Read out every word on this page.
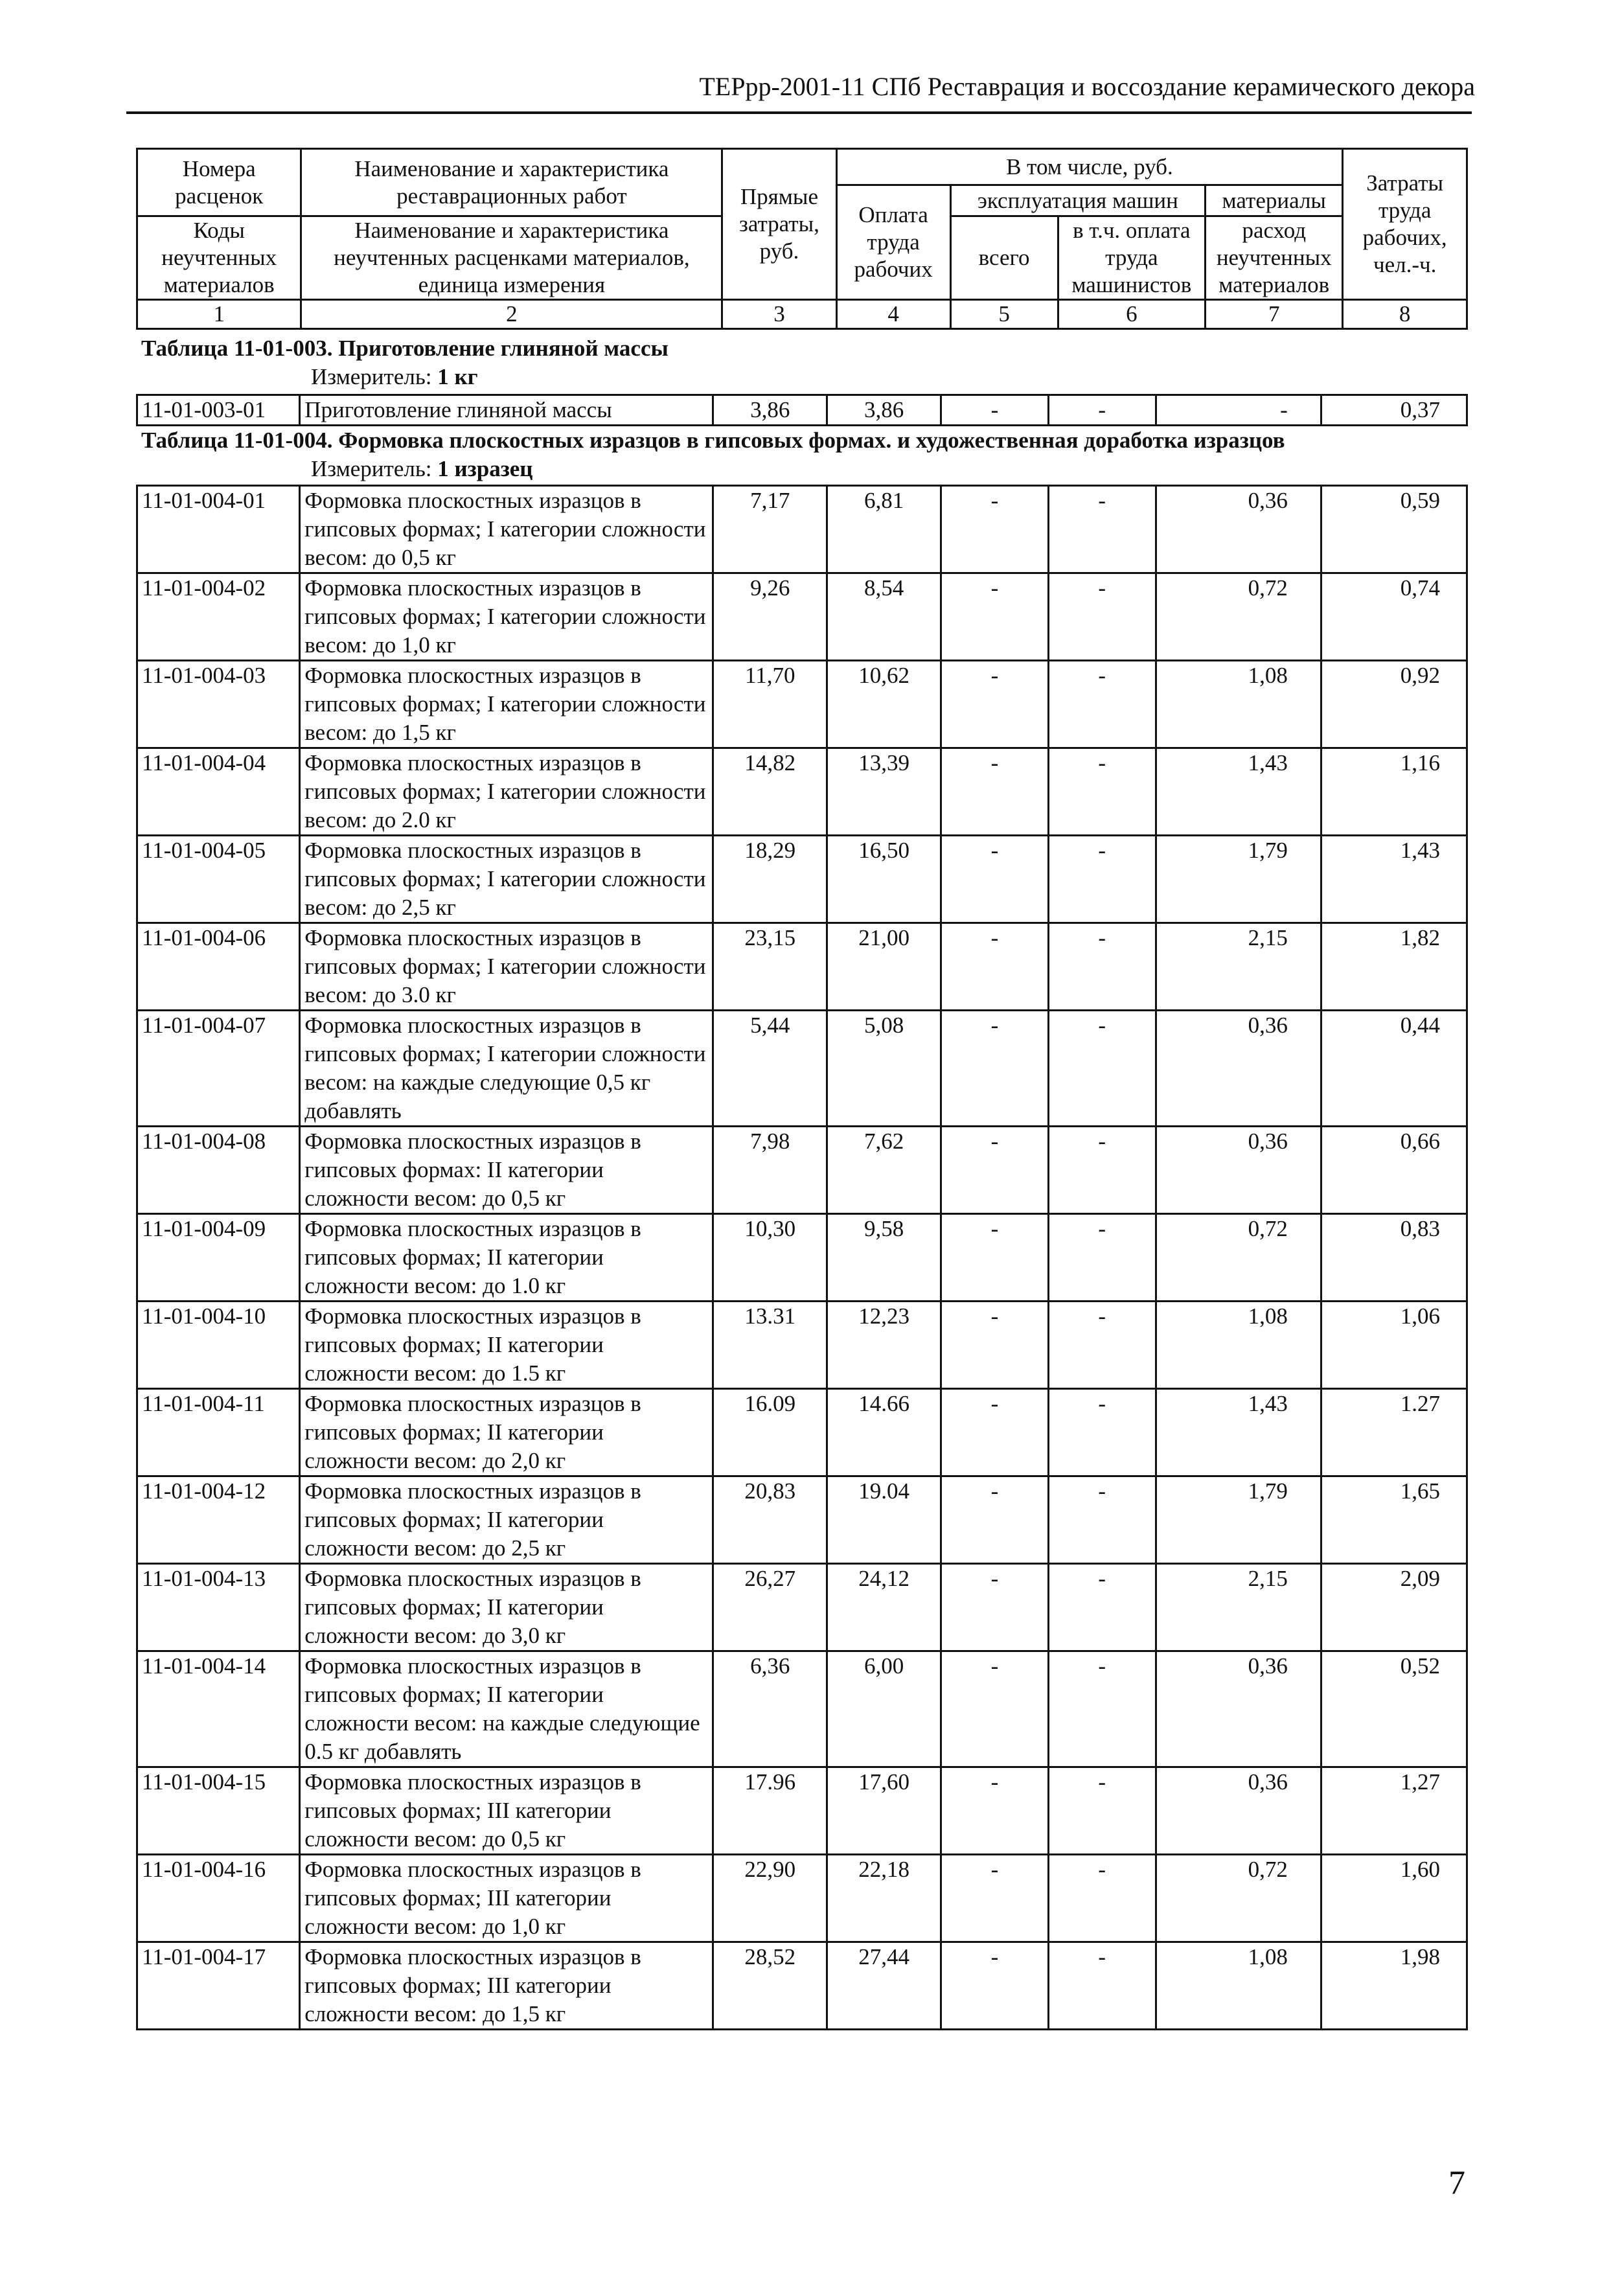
ТЕРрр-2001-11 СПб Реставрация и воссоздание керамического декора
Номера расценок	Наименование и характеристика реставрационных работ	Прямые затраты, руб.	В том числе, руб.				Затраты труда рабочих, чел.-ч.
			Оплата труда рабочих	эксплуатация машин		материалы	
Коды неучтенных материалов	Наименование и характеристика неучтенных расценками материалов, единица измерения			всего	в т.ч. оплата труда машинистов	расход неучтенных материалов	

1	2	3	4	5	6	7	8
Таблица 11-01-003. Приготовление глиняной массы
Измеритель: 1 кг
11-01-003-01	Приготовление глиняной массы	3,86	3,86	-	-	-	0,37
Таблица 11-01-004. Формовка плоскостных изразцов в гипсовых формах. и художественная доработка изразцов
Измеритель: 1 изразец
11-01-004-01	Формовка плоскостных изразцов в гипсовых формах; I категории сложности весом: до 0,5 кг	7,17	6,81	-	-	0,36	0,59
11-01-004-02	Формовка плоскостных изразцов в гипсовых формах; I категории сложности весом: до 1,0 кг	9,26	8,54	-	-	0,72	0,74
11-01-004-03	Формовка плоскостных изразцов в гипсовых формах; I категории сложности весом: до 1,5 кг	11,70	10,62	-	-	1,08	0,92
11-01-004-04	Формовка плоскостных изразцов в гипсовых формах; I категории сложности весом: до 2.0 кг	14,82	13,39	-	-	1,43	1,16
11-01-004-05	Формовка плоскостных изразцов в гипсовых формах; I категории сложности весом: до 2,5 кг	18,29	16,50	-	-	1,79	1,43
11-01-004-06	Формовка плоскостных изразцов в гипсовых формах; I категории сложности весом: до 3.0 кг	23,15	21,00	-	-	2,15	1,82
11-01-004-07	Формовка плоскостных изразцов в гипсовых формах; I категории сложности весом: на каждые следующие 0,5 кг добавлять	5,44	5,08	-	-	0,36	0,44
11-01-004-08	Формовка плоскостных изразцов в гипсовых формах: II категории сложности весом: до 0,5 кг	7,98	7,62	-	-	0,36	0,66
11-01-004-09	Формовка плоскостных изразцов в гипсовых формах; II категории сложности весом: до 1.0 кг	10,30	9,58	-	-	0,72	0,83
11-01-004-10	Формовка плоскостных изразцов в гипсовых формах; II категории сложности весом: до 1.5 кг	13.31	12,23	-	-	1,08	1,06
11-01-004-11	Формовка плоскостных изразцов в гипсовых формах; II категории сложности весом: до 2,0 кг	16.09	14.66	-	-	1,43	1.27
11-01-004-12	Формовка плоскостных изразцов в гипсовых формах; II категории сложности весом: до 2,5 кг	20,83	19.04	-	-	1,79	1,65
11-01-004-13	Формовка плоскостных изразцов в гипсовых формах; II категории сложности весом: до 3,0 кг	26,27	24,12	-	-	2,15	2,09
11-01-004-14	Формовка плоскостных изразцов в гипсовых формах; II категории сложности весом: на каждые следующие 0.5 кг добавлять	6,36	6,00	-	-	0,36	0,52
11-01-004-15	Формовка плоскостных изразцов в гипсовых формах; III категории сложности весом: до 0,5 кг	17.96	17,60	-	-	0,36	1,27
11-01-004-16	Формовка плоскостных изразцов в гипсовых формах; III категории сложности весом: до 1,0 кг	22,90	22,18	-	-	0,72	1,60
11-01-004-17	Формовка плоскостных изразцов в гипсовых формах; III категории сложности весом: до 1,5 кг	28,52	27,44	-	-	1,08	1,98
7
